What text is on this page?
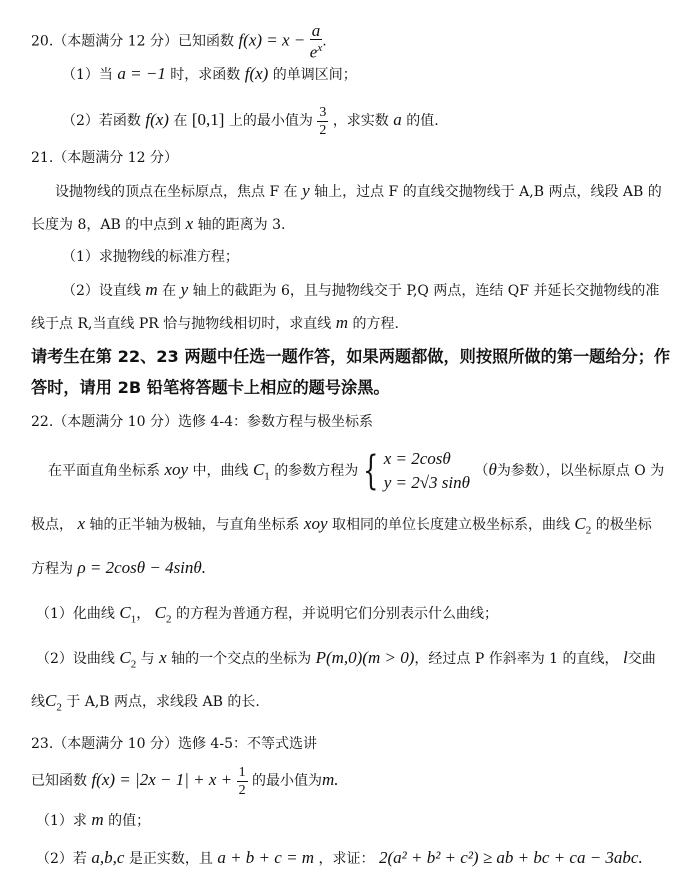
20.（本题满分 12 分）已知函数 $f(x) = x - \frac{a}{e^x}$ .
（1）当 a = −1 时，求函数 f(x) 的单调区间；
（2）若函数 f(x) 在 [0,1] 上的最小值为 $\frac{3}{2}$ ，求实数 a 的值.
21.（本题满分 12 分）
设抛物线的顶点在坐标原点，焦点 F 在 y 轴上，过点 F 的直线交抛物线于 A,B 两点，线段 AB 的
长度为 8，AB 的中点到 x 轴的距离为 3.
（1）求抛物线的标准方程；
（2）设直线 m 在 y 轴上的截距为 6，且与抛物线交于 P,Q 两点，连结 QF 并延长交抛物线的准
线于点 R,当直线 PR 恰与抛物线相切时，求直线 m 的方程.
请考生在第 22、23 两题中任选一题作答，如果两题都做，则按照所做的第一题给分；作
答时，请用 2B 铅笔将答题卡上相应的题号涂黑。
22.（本题满分 10 分）选修 4-4：参数方程与极坐标系
在平面直角坐标系 xoy 中，曲线 $C_1$ 的参数方程为 { x = 2cosθ
y = 2√3 sinθ
（θ为参数），以坐标原点 O 为
极点， x 轴的正半轴为极轴，与直角坐标系 xoy 取相同的单位长度建立极坐标系，曲线 $C_2$ 的极坐标
方程为 ρ = 2cosθ − 4sinθ.
（1）化曲线 $C_1$， $C_2$ 的方程为普通方程，并说明它们分别表示什么曲线；
（2）设曲线 $C_2$ 与 x 轴的一个交点的坐标为 P(m,0)(m > 0)，经过点 P 作斜率为 1 的直线， l交曲
线$C_2$ 于 A,B 两点，求线段 AB 的长.
23.（本题满分 10 分）选修 4-5：不等式选讲
已知函数 $f(x) = |2x - 1| + x + \frac{1}{2}$ 的最小值为m.
（1）求 m 的值；
（2）若 a,b,c 是正实数，且 a + b + c = m ，求证： 2(a² + b² + c²) ≥ ab + bc + ca − 3abc.
